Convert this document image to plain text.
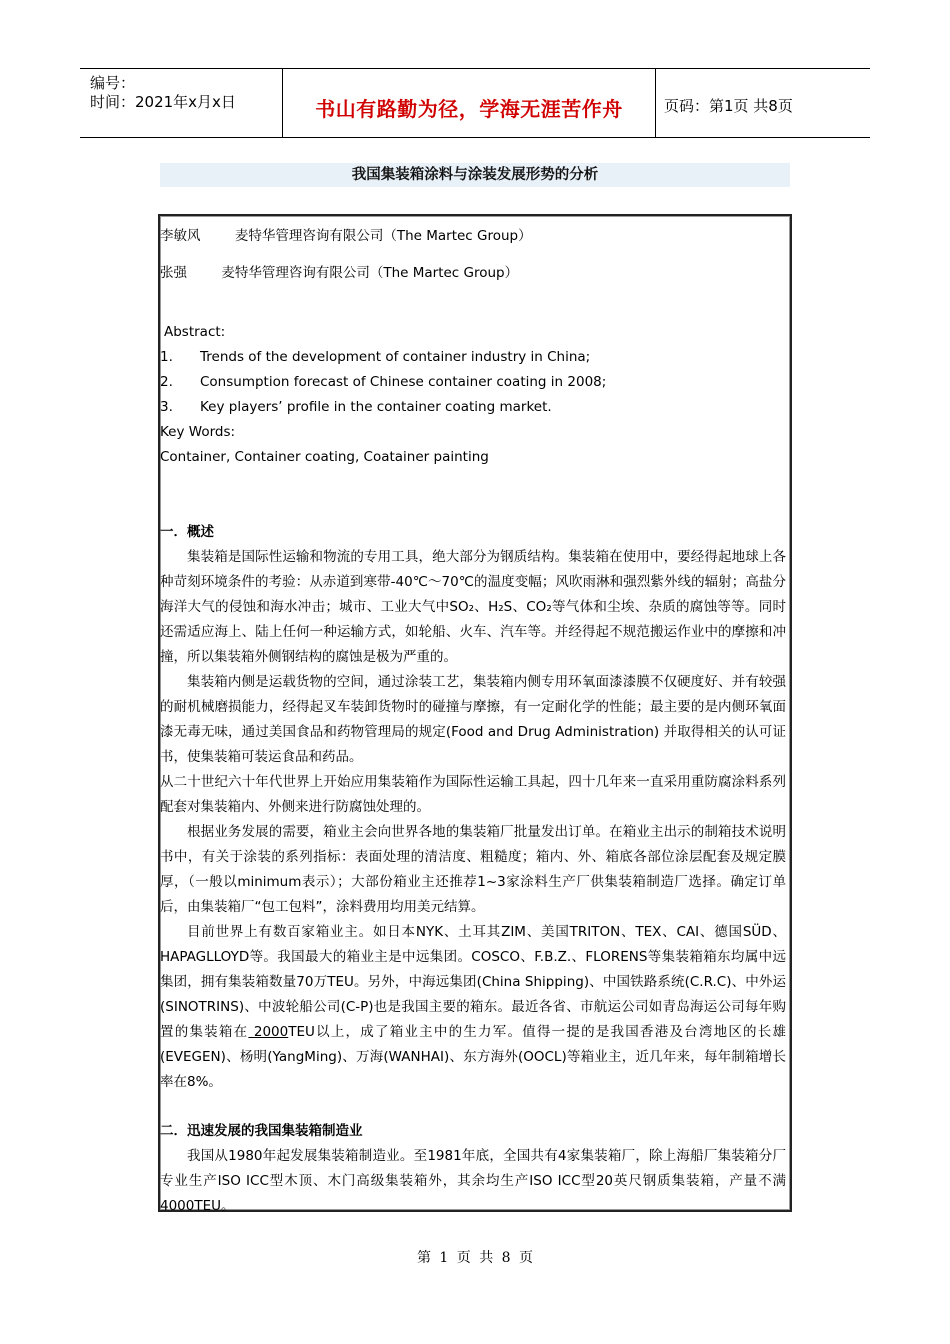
编号：
时间：2021年x月x日	书山有路勤为径，学海无涯苦作舟	页码：第1页 共8页
我国集装箱涂料与涂装发展形势的分析

李敏风        麦特华管理咨询有限公司（The Martec Group）

张强        麦特华管理咨询有限公司（The Martec Group）

Abstract:

1.	Trends of the development of container industry in China;
2.	Consumption forecast of Chinese container coating in 2008;
3.	Key players’ profile in the container coating market.

Key Words:

Container, Container coating, Coatainer painting

一．概述

集装箱是国际性运输和物流的专用工具，绝大部分为钢质结构。集装箱在使用中，要经得起地球上各种苛刻环境条件的考验：从赤道到寒带-40℃～70℃的温度变幅；风吹雨淋和强烈紫外线的辐射；高盐分海洋大气的侵蚀和海水冲击；城市、工业大气中SO₂、H₂S、CO₂等气体和尘埃、杂质的腐蚀等等。同时还需适应海上、陆上任何一种运输方式，如轮船、火车、汽车等。并经得起不规范搬运作业中的摩擦和冲撞，所以集装箱外侧钢结构的腐蚀是极为严重的。

集装箱内侧是运载货物的空间，通过涂装工艺，集装箱内侧专用环氧面漆漆膜不仅硬度好、并有较强的耐机械磨损能力，经得起叉车装卸货物时的碰撞与摩擦，有一定耐化学的性能；最主要的是内侧环氧面漆无毒无味，通过美国食品和药物管理局的规定(Food and Drug Administration) 并取得相关的认可证书，使集装箱可装运食品和药品。

从二十世纪六十年代世界上开始应用集装箱作为国际性运输工具起，四十几年来一直采用重防腐涂料系列配套对集装箱内、外侧来进行防腐蚀处理的。

根据业务发展的需要，箱业主会向世界各地的集装箱厂批量发出订单。在箱业主出示的制箱技术说明书中，有关于涂装的系列指标：表面处理的清洁度、粗糙度；箱内、外、箱底各部位涂层配套及规定膜厚，（一般以minimum表示）；大部份箱业主还推荐1~3家涂料生产厂供集装箱制造厂选择。确定订单后，由集装箱厂“包工包料”，涂料费用均用美元结算。

目前世界上有数百家箱业主。如日本NYK、土耳其ZIM、美国TRITON、TEX、CAI、德国SÜD、HAPAGLLOYD等。我国最大的箱业主是中远集团。COSCO、F.B.Z.、FLORENS等集装箱箱东均属中远集团，拥有集装箱数量70万TEU。另外，中海远集团(China Shipping)、中国铁路系统(C.R.C)、中外运(SINOTRINS)、中波轮船公司(C-P)也是我国主要的箱东。最近各省、市航运公司如青岛海运公司每年购置的集装箱在 2000TEU以上，成了箱业主中的生力军。值得一提的是我国香港及台湾地区的长雄(EVEGEN)、杨明(YangMing)、万海(WANHAI)、东方海外(OOCL)等箱业主，近几年来，每年制箱增长率在8%。

二．迅速发展的我国集装箱制造业

我国从1980年起发展集装箱制造业。至1981年底，全国共有4家集装箱厂，除上海船厂集装箱分厂专业生产ISO ICC型木顶、木门高级集装箱外，其余均生产ISO ICC型20英尺钢质集装箱，产量不满4000TEU。

第 1 页 共 8 页
